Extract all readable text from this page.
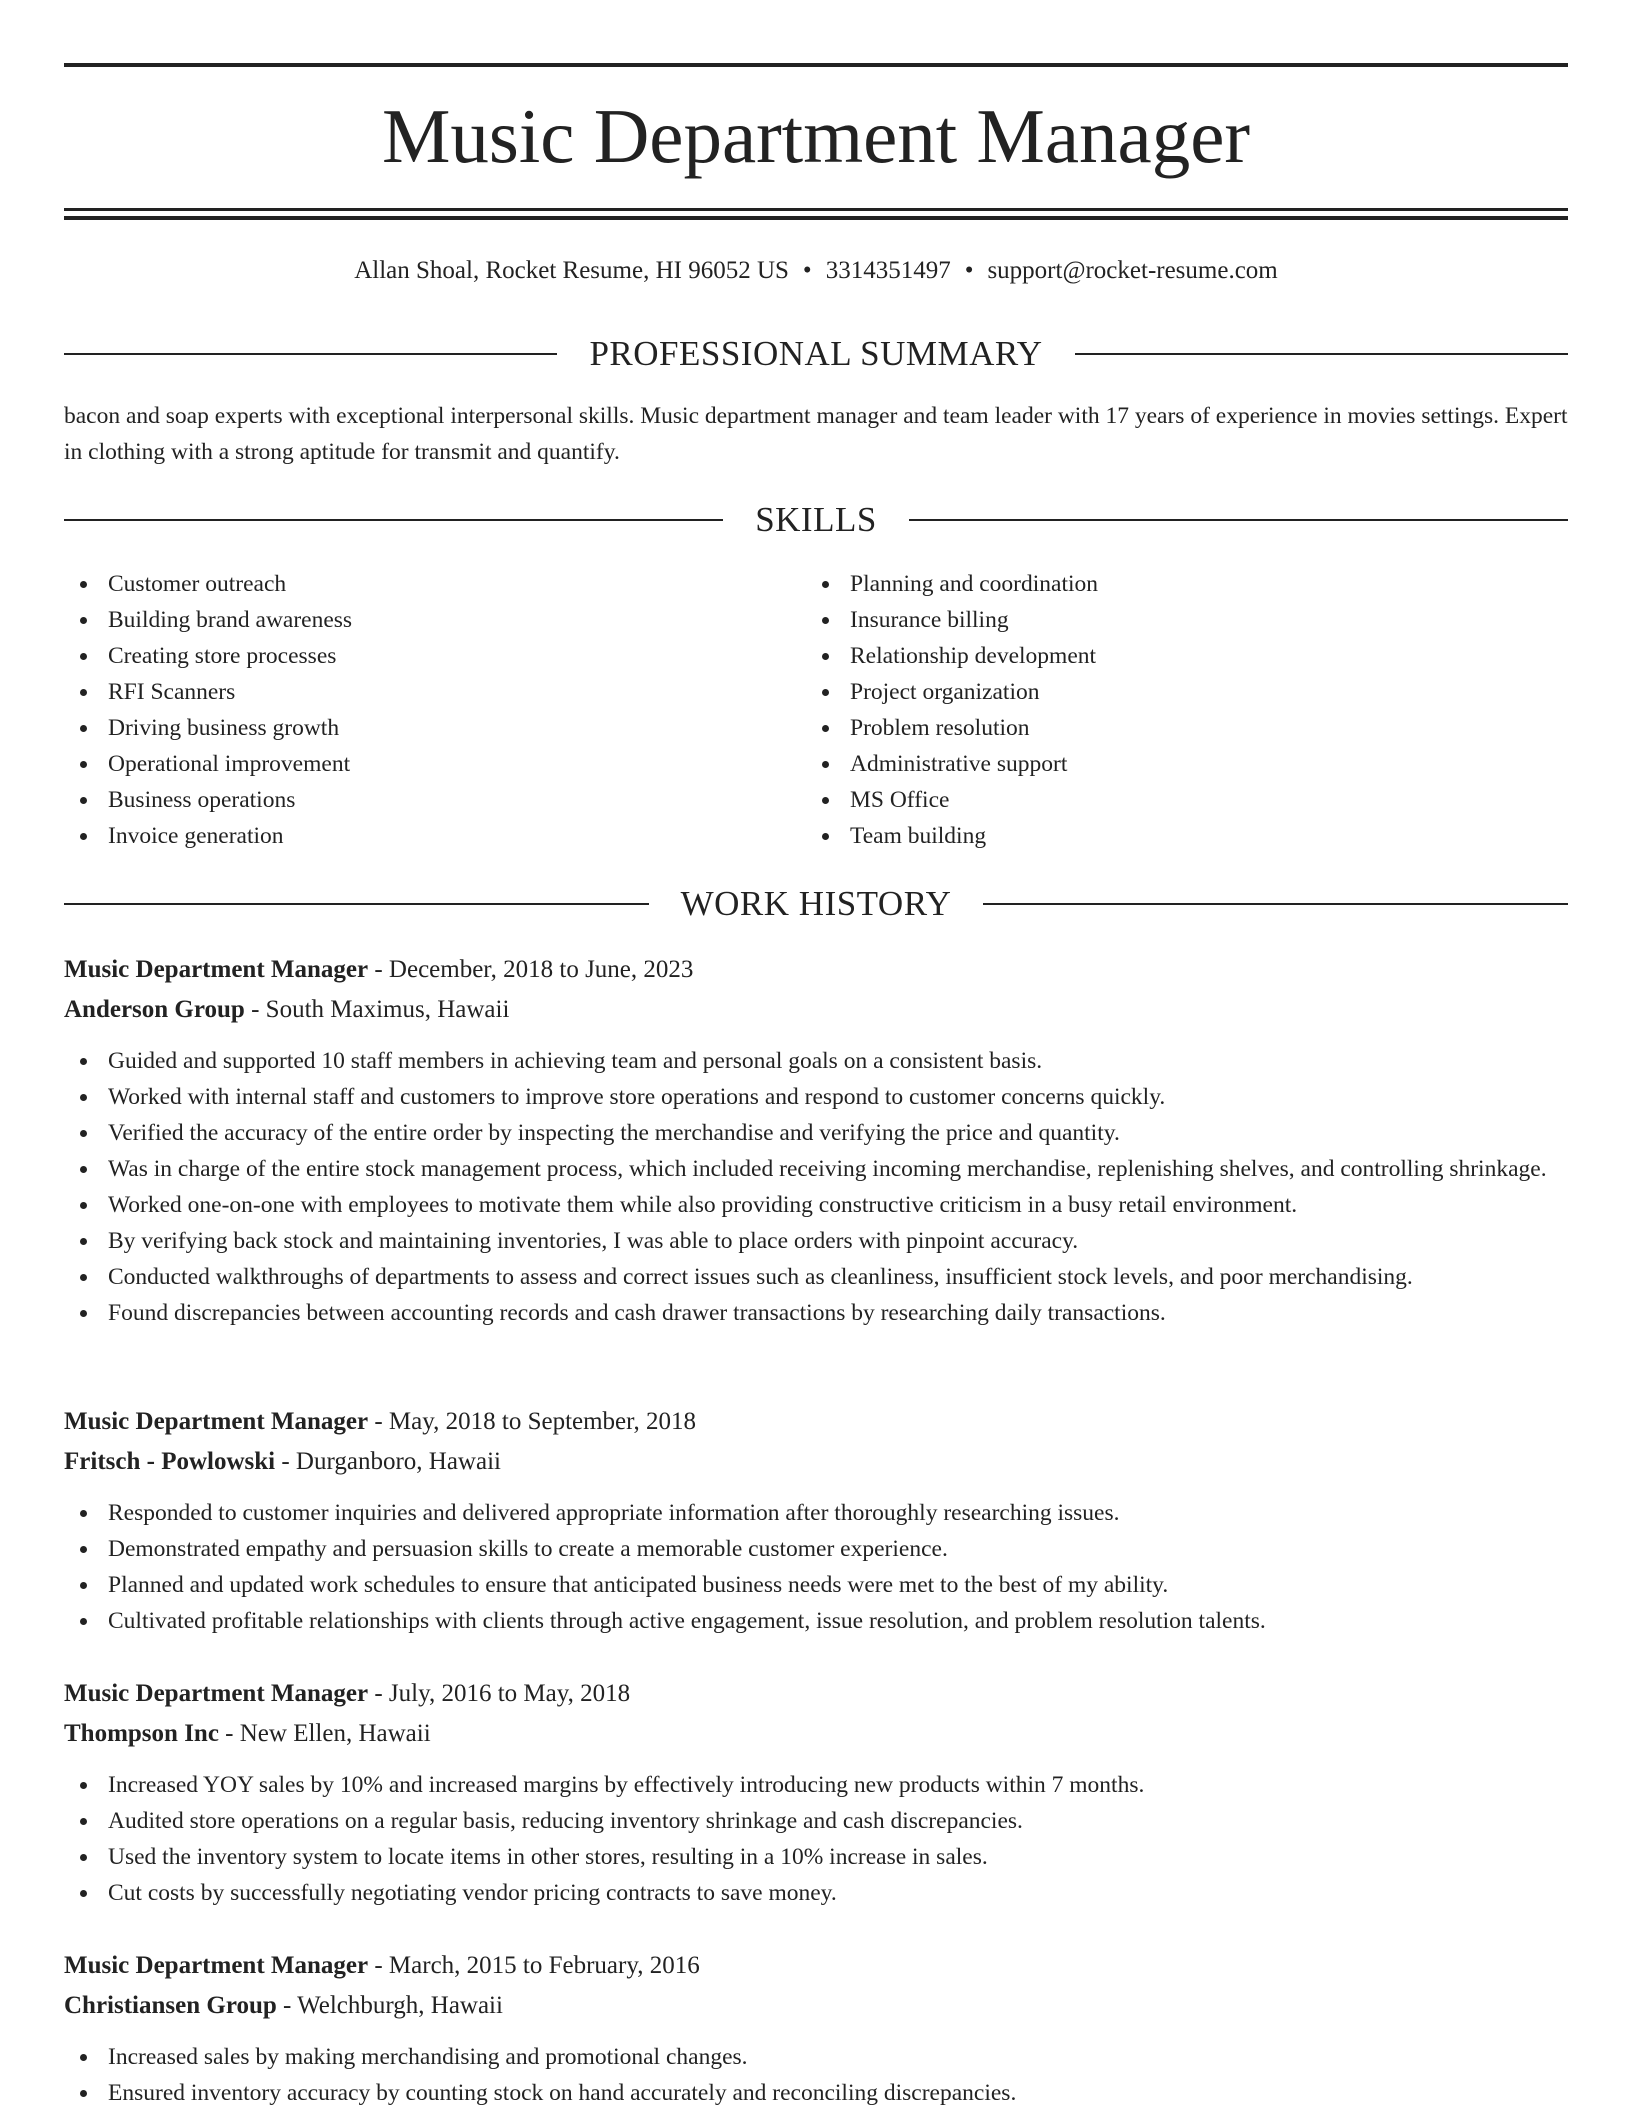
Music Department Manager
Allan Shoal, Rocket Resume, HI 96052 US • 3314351497 • support@rocket-resume.com
PROFESSIONAL SUMMARY
bacon and soap experts with exceptional interpersonal skills. Music department manager and team leader with 17 years of experience in movies settings. Expert in clothing with a strong aptitude for transmit and quantify.
SKILLS
Customer outreach
Building brand awareness
Creating store processes
RFI Scanners
Driving business growth
Operational improvement
Business operations
Invoice generation
Planning and coordination
Insurance billing
Relationship development
Project organization
Problem resolution
Administrative support
MS Office
Team building
WORK HISTORY
Music Department Manager - December, 2018 to June, 2023
Anderson Group - South Maximus, Hawaii
Guided and supported 10 staff members in achieving team and personal goals on a consistent basis.
Worked with internal staff and customers to improve store operations and respond to customer concerns quickly.
Verified the accuracy of the entire order by inspecting the merchandise and verifying the price and quantity.
Was in charge of the entire stock management process, which included receiving incoming merchandise, replenishing shelves, and controlling shrinkage.
Worked one-on-one with employees to motivate them while also providing constructive criticism in a busy retail environment.
By verifying back stock and maintaining inventories, I was able to place orders with pinpoint accuracy.
Conducted walkthroughs of departments to assess and correct issues such as cleanliness, insufficient stock levels, and poor merchandising.
Found discrepancies between accounting records and cash drawer transactions by researching daily transactions.
Music Department Manager - May, 2018 to September, 2018
Fritsch - Powlowski - Durganboro, Hawaii
Responded to customer inquiries and delivered appropriate information after thoroughly researching issues.
Demonstrated empathy and persuasion skills to create a memorable customer experience.
Planned and updated work schedules to ensure that anticipated business needs were met to the best of my ability.
Cultivated profitable relationships with clients through active engagement, issue resolution, and problem resolution talents.
Music Department Manager - July, 2016 to May, 2018
Thompson Inc - New Ellen, Hawaii
Increased YOY sales by 10% and increased margins by effectively introducing new products within 7 months.
Audited store operations on a regular basis, reducing inventory shrinkage and cash discrepancies.
Used the inventory system to locate items in other stores, resulting in a 10% increase in sales.
Cut costs by successfully negotiating vendor pricing contracts to save money.
Music Department Manager - March, 2015 to February, 2016
Christiansen Group - Welchburgh, Hawaii
Increased sales by making merchandising and promotional changes.
Ensured inventory accuracy by counting stock on hand accurately and reconciling discrepancies.
